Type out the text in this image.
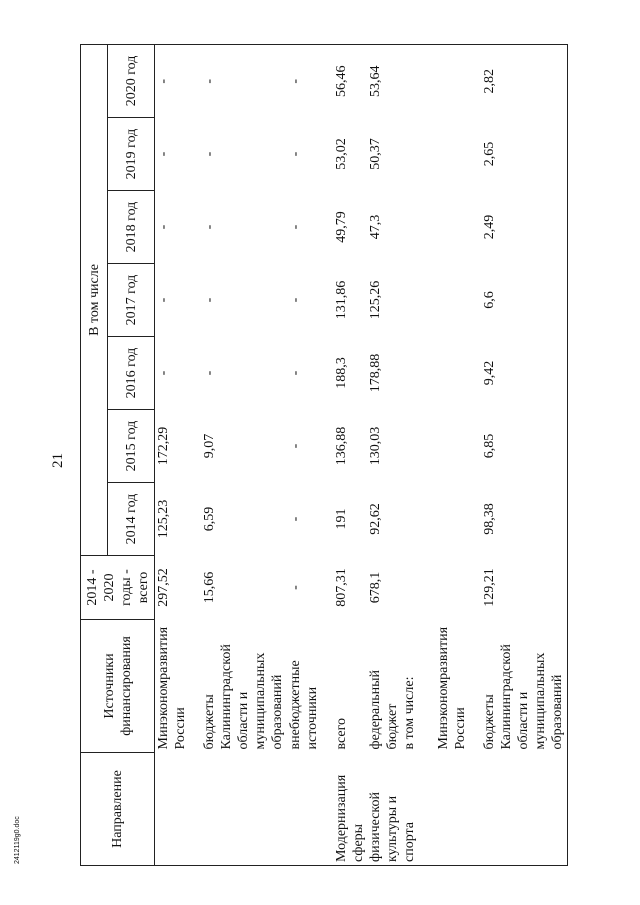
21
2412119g0.doc	Направление	Источники финансирования	2014 - 2020 годы - всего	В том числе						
			2014 год	2015 год	2016 год	2017 год	2018 год	2019 год	2020 год
	Минэкономразвития России	297,52	125,23	172,29	-	-	-	-	-
	бюджеты Калининградской области и муниципальных образований	15,66	6,59	9,07	-	-	-	-	-
	внебюджетные источники	-	-	-	-	-	-	-	-
Модернизация сферы физической культуры и спорта	всего	807,31	191	136,88	188,3	131,86	49,79	53,02	56,46
	федеральный бюджет	678,1	92,62	130,03	178,88	125,26	47,3	50,37	53,64
	в том числе:								
	Минэкономразвития России								
	бюджеты Калининградской области и муниципальных образований	129,21	98,38	6,85	9,42	6,6	2,49	2,65	2,82
